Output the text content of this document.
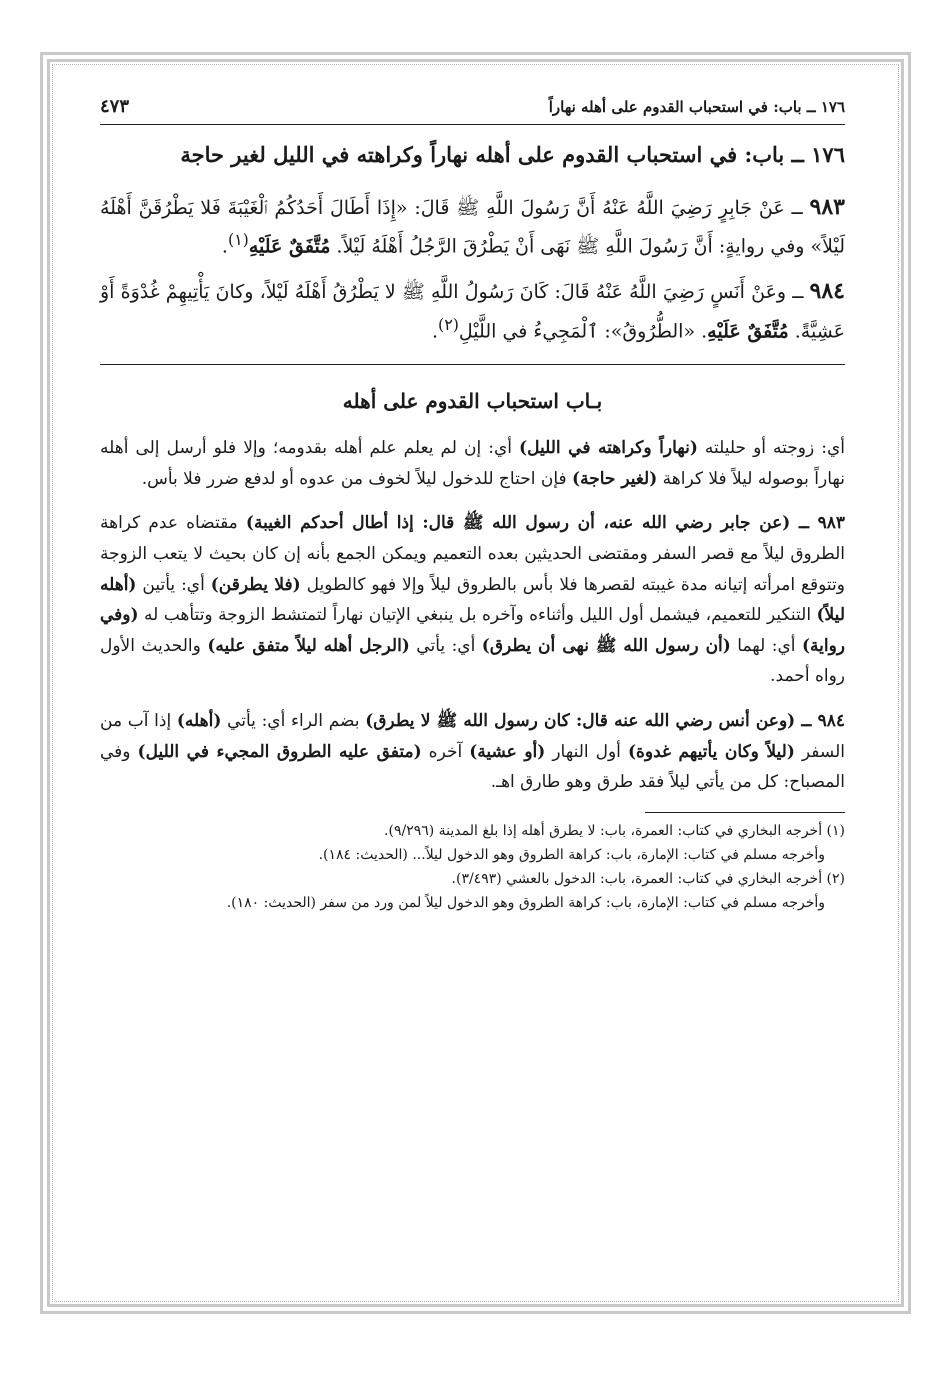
١٧٦ ــ باب: في استحباب القدوم على أهله نهاراً
٤٧٣
١٧٦ ــ باب: في استحباب القدوم على أهله نهاراً وكراهته في الليل لغير حاجة

٩٨٣ ــ عَنْ جَابِرٍ رَضِيَ اللَّهُ عَنْهُ أَنَّ رَسُولَ اللَّهِ ﷺ قَالَ: «إِذَا أَطَالَ أَحَدُكُمُ ٱلْغَيْبَةَ فَلا يَطْرُقَنَّ أَهْلَهُ لَيْلاً» وفي روايةٍ: أَنَّ رَسُولَ اللَّهِ ﷺ نَهَى أَنْ يَطْرُقَ الرَّجُلُ أَهْلَهُ لَيْلاً. مُتَّفَقٌ عَلَيْهِ$^{(١)}$.

٩٨٤ ــ وعَنْ أَنَسٍ رَضِيَ اللَّهُ عَنْهُ قَالَ: كَانَ رَسُولُ اللَّهِ ﷺ لا يَطْرُقُ أَهْلَهُ لَيْلاً، وكانَ يَأْتِيهِمْ غُدْوَةً أَوْ عَشِيَّةً. مُتَّفَقٌ عَلَيْهِ. «الطُّرُوقُ»: ٱلْمَجِيءُ في اللَّيْلِ$^{(٢)}$.

بـاب استحباب القدوم على أهله

أي: زوجته أو حليلته (نهاراً وكراهته في الليل) أي: إن لم يعلم علم أهله بقدومه؛ وإلا فلو أرسل إلى أهله نهاراً بوصوله ليلاً فلا كراهة (لغير حاجة) فإن احتاج للدخول ليلاً لخوف من عدوه أو لدفع ضرر فلا بأس.

٩٨٣ ــ (عن جابر رضي الله عنه، أن رسول الله ﷺ قال: إذا أطال أحدكم الغيبة) مقتضاه عدم كراهة الطروق ليلاً مع قصر السفر ومقتضى الحديثين بعده التعميم ويمكن الجمع بأنه إن كان بحيث لا يتعب الزوجة وتتوقع امرأته إتيانه مدة غيبته لقصرها فلا بأس بالطروق ليلاً وإلا فهو كالطويل (فلا يطرقن) أي: يأتين (أهله ليلاً) التنكير للتعميم، فيشمل أول الليل وأثناءه وآخره بل ينبغي الإتيان نهاراً لتمتشط الزوجة وتتأهب له (وفي رواية) أي: لهما (أن رسول الله ﷺ نهى أن يطرق) أي: يأتي (الرجل أهله ليلاً متفق عليه) والحديث الأول رواه أحمد.

٩٨٤ ــ (وعن أنس رضي الله عنه قال: كان رسول الله ﷺ لا يطرق) بضم الراء أي: يأتي (أهله) إذا آب من السفر (ليلاً وكان يأتيهم غدوة) أول النهار (أو عشية) آخره (متفق عليه الطروق المجيء في الليل) وفي المصباح: كل من يأتي ليلاً فقد طرق وهو طارق اهـ.

(١) أخرجه البخاري في كتاب: العمرة، باب: لا يطرق أهله إذا بلغ المدينة (٩/٢٩٦).

وأخرجه مسلم في كتاب: الإمارة، باب: كراهة الطروق وهو الدخول ليلاً... (الحديث: ١٨٤).

(٢) أخرجه البخاري في كتاب: العمرة، باب: الدخول بالعشي (٣/٤٩٣).

وأخرجه مسلم في كتاب: الإمارة، باب: كراهة الطروق وهو الدخول ليلاً لمن ورد من سفر (الحديث: ١٨٠).
